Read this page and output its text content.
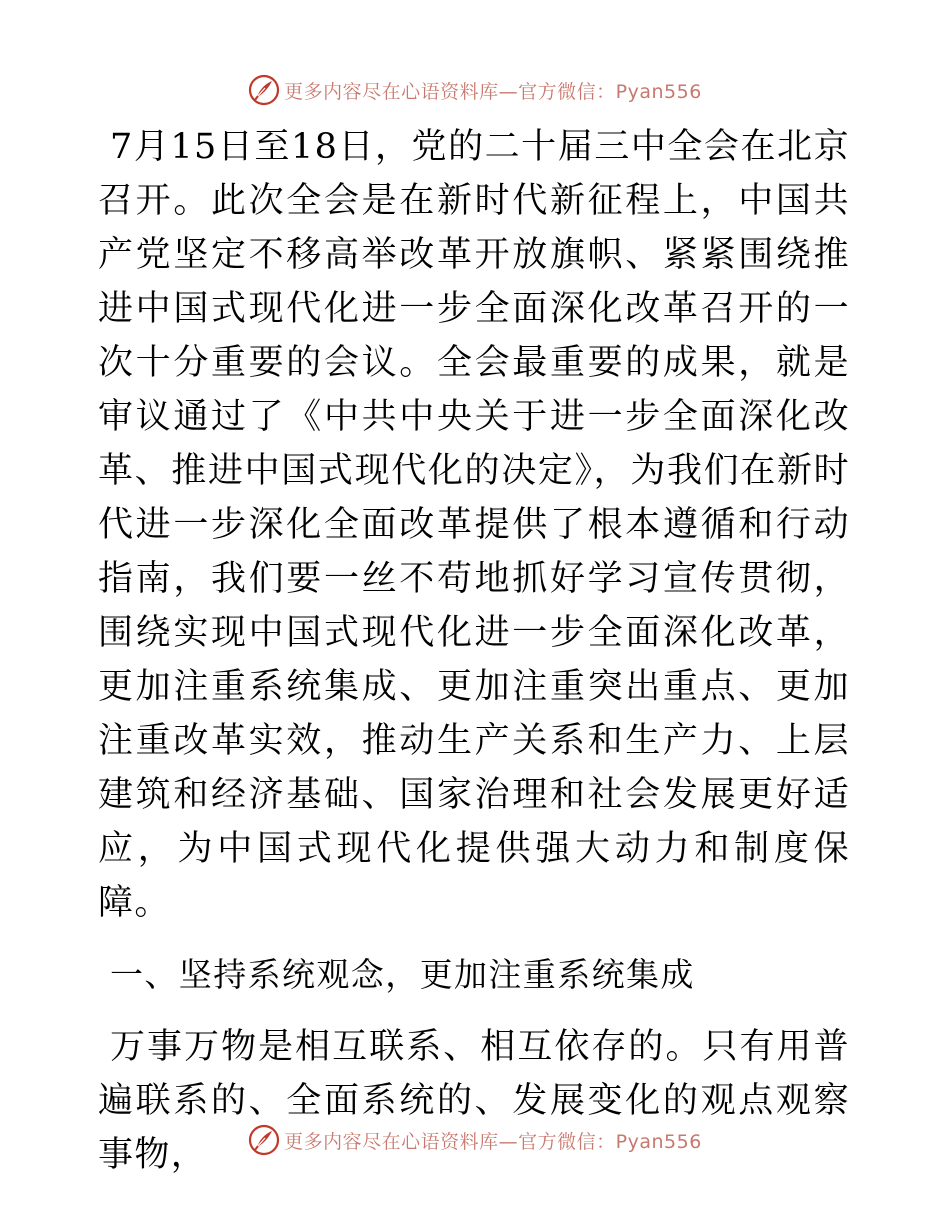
更多内容尽在心语资料库—官方微信：Pyan556

7月15日至18日，党的二十届三中全会在北京召开。此次全会是在新时代新征程上，中国共产党坚定不移高举改革开放旗帜、紧紧围绕推进中国式现代化进一步全面深化改革召开的一次十分重要的会议。全会最重要的成果，就是审议通过了《中共中央关于进一步全面深化改革、推进中国式现代化的决定》，为我们在新时代进一步深化全面改革提供了根本遵循和行动指南，我们要一丝不苟地抓好学习宣传贯彻，围绕实现中国式现代化进一步全面深化改革，更加注重系统集成、更加注重突出重点、更加注重改革实效，推动生产关系和生产力、上层建筑和经济基础、国家治理和社会发展更好适应，为中国式现代化提供强大动力和制度保障。

一、坚持系统观念，更加注重系统集成

万事万物是相互联系、相互依存的。只有用普遍联系的、全面系统的、发展变化的观点观察事物，	更多内容尽在心语资料库—官方微信：Pyan556
